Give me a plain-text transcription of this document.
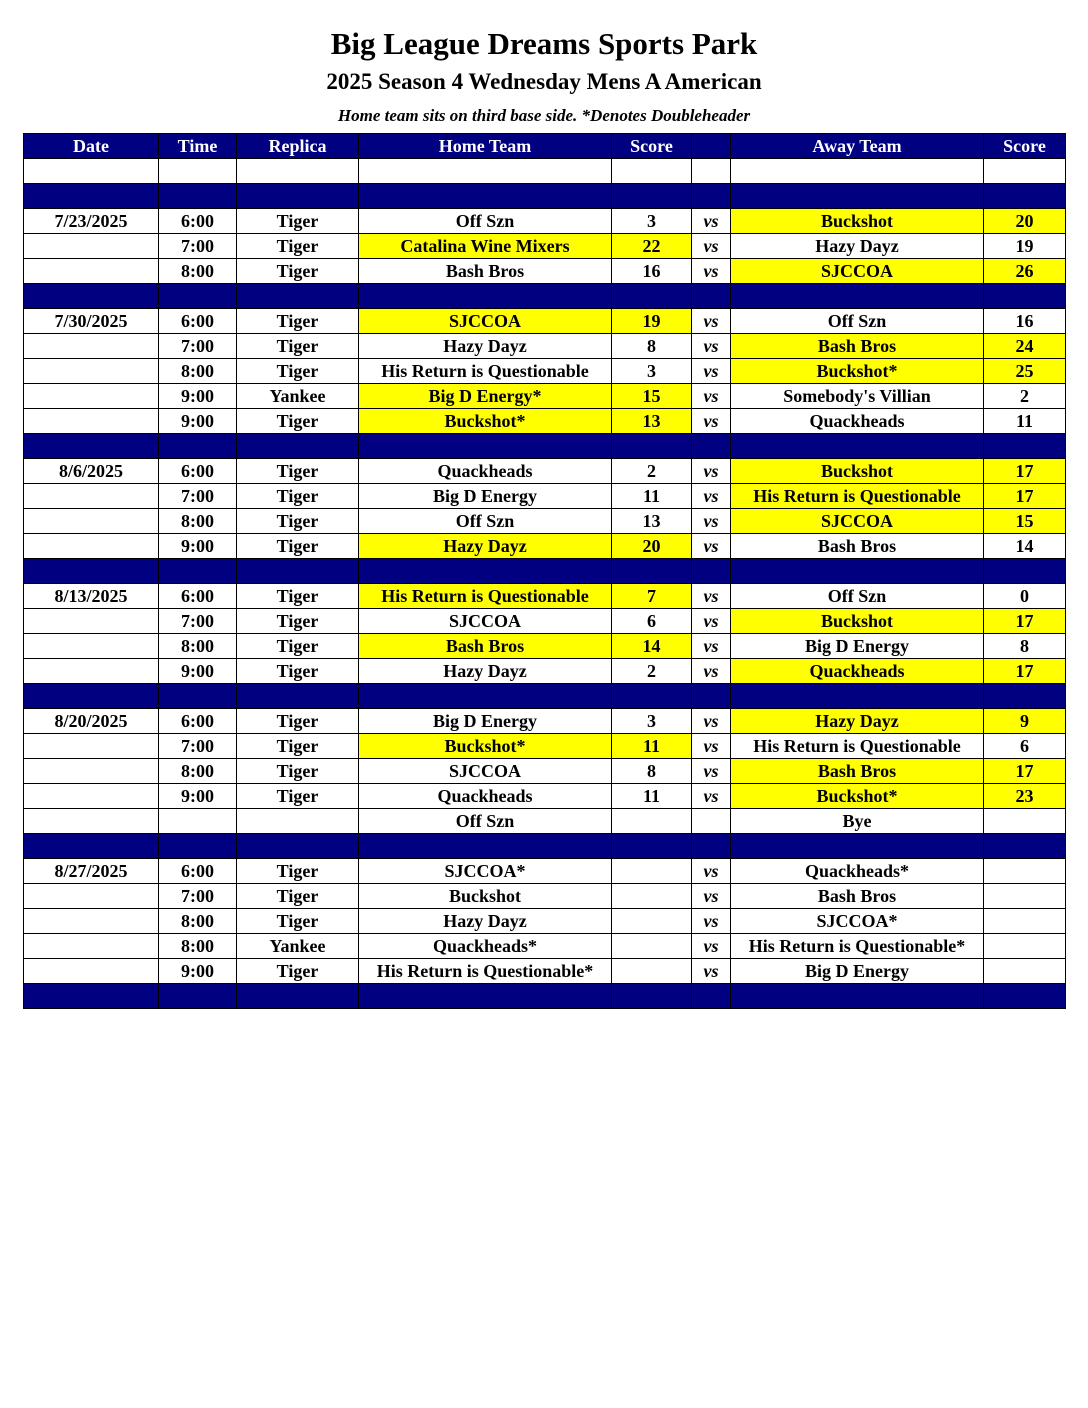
Big League Dreams Sports Park
2025 Season 4 Wednesday Mens A American
Home team sits on third base side. *Denotes Doubleheader
Date	Time	Replica	Home Team	Score		Away Team	Score

7/23/2025	6:00	Tiger	Off Szn	3	vs	Buckshot	20
	7:00	Tiger	Catalina Wine Mixers	22	vs	Hazy Dayz	19
	8:00	Tiger	Bash Bros	16	vs	SJCCOA	26

7/30/2025	6:00	Tiger	SJCCOA	19	vs	Off Szn	16
	7:00	Tiger	Hazy Dayz	8	vs	Bash Bros	24
	8:00	Tiger	His Return is Questionable	3	vs	Buckshot*	25
	9:00	Yankee	Big D Energy*	15	vs	Somebody's Villian	2
	9:00	Tiger	Buckshot*	13	vs	Quackheads	11

8/6/2025	6:00	Tiger	Quackheads	2	vs	Buckshot	17
	7:00	Tiger	Big D Energy	11	vs	His Return is Questionable	17
	8:00	Tiger	Off Szn	13	vs	SJCCOA	15
	9:00	Tiger	Hazy Dayz	20	vs	Bash Bros	14

8/13/2025	6:00	Tiger	His Return is Questionable	7	vs	Off Szn	0
	7:00	Tiger	SJCCOA	6	vs	Buckshot	17
	8:00	Tiger	Bash Bros	14	vs	Big D Energy	8
	9:00	Tiger	Hazy Dayz	2	vs	Quackheads	17

8/20/2025	6:00	Tiger	Big D Energy	3	vs	Hazy Dayz	9
	7:00	Tiger	Buckshot*	11	vs	His Return is Questionable	6
	8:00	Tiger	SJCCOA	8	vs	Bash Bros	17
	9:00	Tiger	Quackheads	11	vs	Buckshot*	23
			Off Szn			Bye	

8/27/2025	6:00	Tiger	SJCCOA*		vs	Quackheads*	
	7:00	Tiger	Buckshot		vs	Bash Bros	
	8:00	Tiger	Hazy Dayz		vs	SJCCOA*	
	8:00	Yankee	Quackheads*		vs	His Return is Questionable*	
	9:00	Tiger	His Return is Questionable*		vs	Big D Energy	
